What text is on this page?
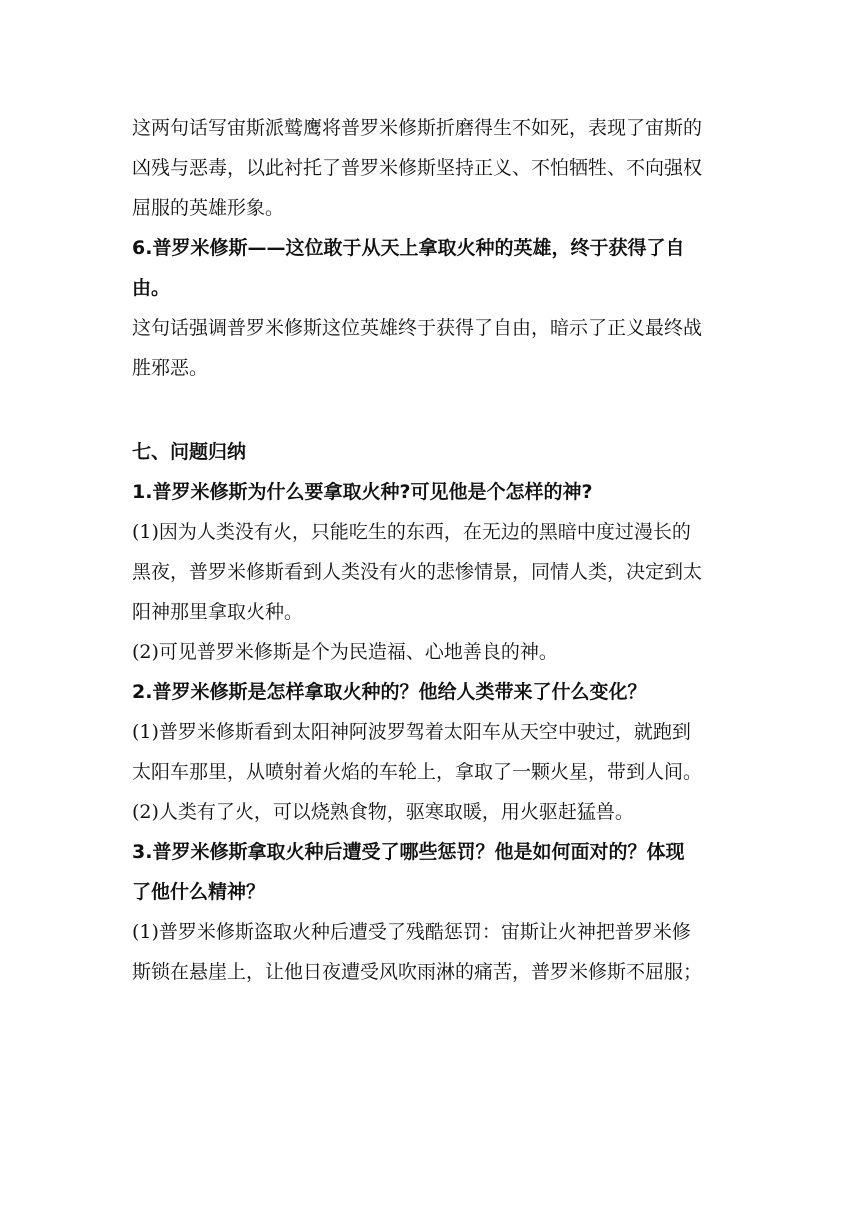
这两句话写宙斯派鹫鹰将普罗米修斯折磨得生不如死，表现了宙斯的

凶残与恶毒，以此衬托了普罗米修斯坚持正义、不怕牺牲、不向强权

屈服的英雄形象。

6.普罗米修斯——这位敢于从天上拿取火种的英雄，终于获得了自

由。

这句话强调普罗米修斯这位英雄终于获得了自由，暗示了正义最终战

胜邪恶。

七、问题归纳

1.普罗米修斯为什么要拿取火种?可见他是个怎样的神?

(1)因为人类没有火，只能吃生的东西，在无边的黑暗中度过漫长的

黑夜，普罗米修斯看到人类没有火的悲惨情景，同情人类，决定到太

阳神那里拿取火种。

(2)可见普罗米修斯是个为民造福、心地善良的神。

2.普罗米修斯是怎样拿取火种的？他给人类带来了什么变化？

(1)普罗米修斯看到太阳神阿波罗驾着太阳车从天空中驶过，就跑到

太阳车那里，从喷射着火焰的车轮上，拿取了一颗火星，带到人间。

(2)人类有了火，可以烧熟食物，驱寒取暖，用火驱赶猛兽。

3.普罗米修斯拿取火种后遭受了哪些惩罚？他是如何面对的？体现

了他什么精神？

(1)普罗米修斯盗取火种后遭受了残酷惩罚：宙斯让火神把普罗米修

斯锁在悬崖上，让他日夜遭受风吹雨淋的痛苦，普罗米修斯不屈服；
